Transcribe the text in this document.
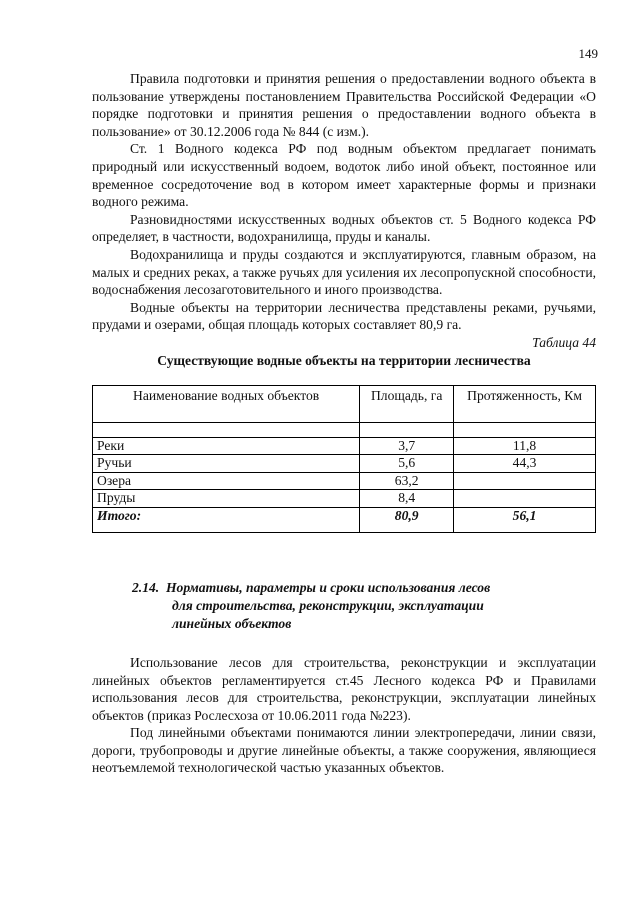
149

Правила подготовки и принятия решения о предоставлении водного объекта в пользование утверждены постановлением Правительства Российской Федерации «О порядке подготовки и принятия решения о предоставлении водного объекта в пользование» от 30.12.2006 года № 844 (с изм.).

Ст. 1 Водного кодекса РФ под водным объектом предлагает понимать природный или искусственный водоем, водоток либо иной объект, постоянное или временное сосредоточение вод в котором имеет характерные формы и признаки водного режима.

Разновидностями искусственных водных объектов ст. 5 Водного кодекса РФ определяет, в частности, водохранилища, пруды и каналы.

Водохранилища и пруды создаются и эксплуатируются, главным образом, на малых и средних реках, а также ручьях для усиления их лесопропускной способности, водоснабжения лесозаготовительного и иного производства.

Водные объекты на территории лесничества представлены реками, ручьями, прудами и озерами, общая площадь которых составляет 80,9 га.

Таблица 44
Существующие водные объекты на территории лесничества
Наименование водных объектов	Площадь, га	Протяженность, Км

Реки	3,7	11,8
Ручьи	5,6	44,3
Озера	63,2	
Пруды	8,4	
Итого:	80,9	56,1
2.14. Нормативы, параметры и сроки использования лесов
для строительства, реконструкции, эксплуатации
линейных объектов

Использование лесов для строительства, реконструкции и эксплуатации линейных объектов регламентируется ст.45 Лесного кодекса РФ и Правилами использования лесов для строительства, реконструкции, эксплуатации линейных объектов (приказ Рослесхоза от 10.06.2011 года №223).

Под линейными объектами понимаются линии электропередачи, линии связи, дороги, трубопроводы и другие линейные объекты, а также сооружения, являющиеся неотъемлемой технологической частью указанных объектов.
